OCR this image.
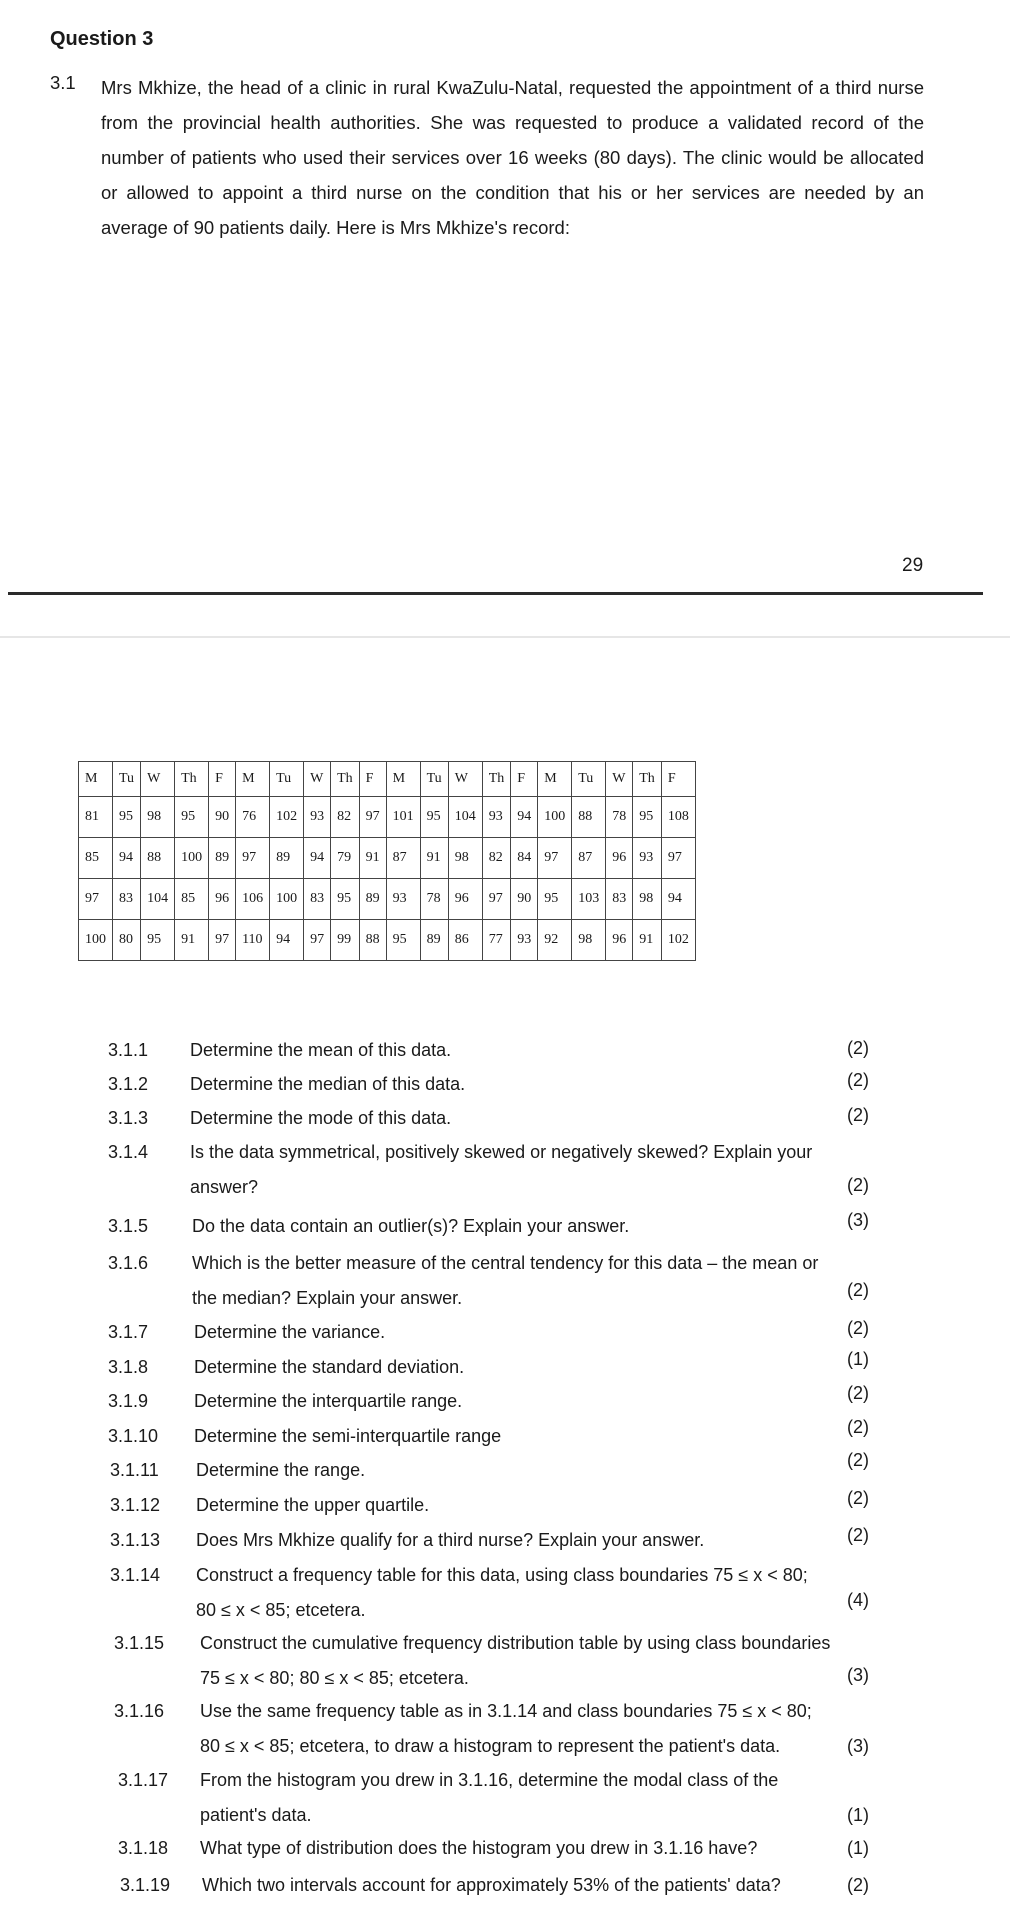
Question 3
3.1 Mrs Mkhize, the head of a clinic in rural KwaZulu-Natal, requested the appointment of a third nurse from the provincial health authorities. She was requested to produce a validated record of the number of patients who used their services over 16 weeks (80 days). The clinic would be allocated or allowed to appoint a third nurse on the condition that his or her services are needed by an average of 90 patients daily. Here is Mrs Mkhize's record:
29
M	Tu	W	Th	F	M	Tu	W	Th	F	M	Tu	W	Th	F	M	Tu	W	Th	F
81	95	98	95	90	76	102	93	82	97	101	95	104	93	94	100	88	78	95	108
85	94	88	100	89	97	89	94	79	91	87	91	98	82	84	97	87	96	93	97
97	83	104	85	96	106	100	83	95	89	93	78	96	97	90	95	103	83	98	94
100	80	95	91	97	110	94	97	99	88	95	89	86	77	93	92	98	96	91	102
3.1.1 Determine the mean of this data.	(2)
3.1.2 Determine the median of this data.	(2)
3.1.3 Determine the mode of this data.	(2)
3.1.4 Is the data symmetrical, positively skewed or negatively skewed? Explain your
answer?	(2)
3.1.5 Do the data contain an outlier(s)? Explain your answer.	(3)
3.1.6 Which is the better measure of the central tendency for this data – the mean or
the median? Explain your answer.	(2)
3.1.7	Determine the variance.	(2)
3.1.8	Determine the standard deviation.	(1)
3.1.9	Determine the interquartile range.	(2)
3.1.10 Determine the semi-interquartile range	(2)
3.1.11 Determine the range.	(2)
3.1.12 Determine the upper quartile.	(2)
3.1.13 Does Mrs Mkhize qualify for a third nurse? Explain your answer.	(2)
3.1.14 Construct a frequency table for this data, using class boundaries 75 ≤ x < 80;
80 ≤ x < 85; etcetera.	(4)
3.1.15 Construct the cumulative frequency distribution table by using class boundaries
75 ≤ x < 80; 80 ≤ x < 85; etcetera.	(3)
3.1.16 Use the same frequency table as in 3.1.14 and class boundaries 75 ≤ x < 80;
80 ≤ x < 85; etcetera, to draw a histogram to represent the patient's data.	(3)
3.1.17 From the histogram you drew in 3.1.16, determine the modal class of the
patient's data.	(1)
3.1.18 What type of distribution does the histogram you drew in 3.1.16 have?	(1)
3.1.19 Which two intervals account for approximately 53% of the patients' data?	(2)
